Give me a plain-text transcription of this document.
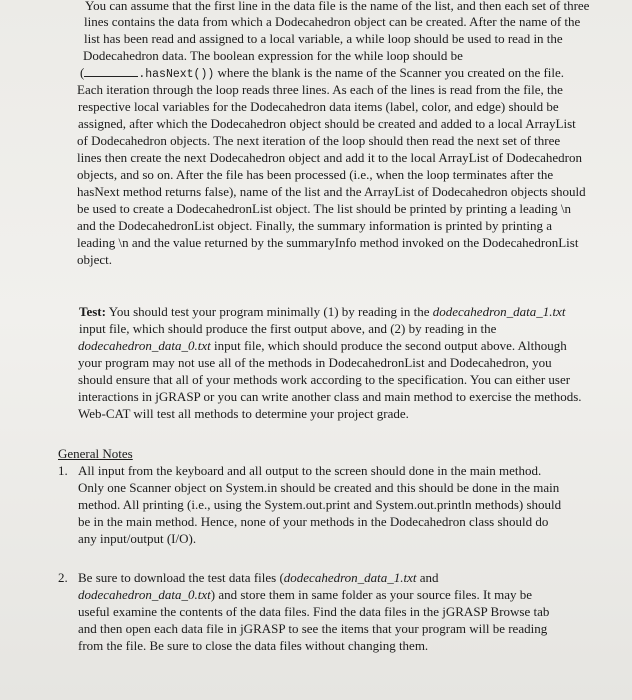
You can assume that the first line in the data file is the name of the list, and then each set of three
lines contains the data from which a Dodecahedron object can be created. After the name of the
list has been read and assigned to a local variable, a while loop should be used to read in the
Dodecahedron data. The boolean expression for the while loop should be
(	.hasNext()) where the blank is the name of the Scanner you created on the file.
Each iteration through the loop reads three lines. As each of the lines is read from the file, the
respective local variables for the Dodecahedron data items (label, color, and edge) should be
assigned, after which the Dodecahedron object should be created and added to a local ArrayList
of Dodecahedron objects. The next iteration of the loop should then read the next set of three
lines then create the next Dodecahedron object and add it to the local ArrayList of Dodecahedron
objects, and so on. After the file has been processed (i.e., when the loop terminates after the
hasNext method returns false), name of the list and the ArrayList of Dodecahedron objects should
be used to create a DodecahedronList object. The list should be printed by printing a leading \n
and the DodecahedronList object. Finally, the summary information is printed by printing a
leading \n and the value returned by the summaryInfo method invoked on the DodecahedronList
object.
Test: You should test your program minimally (1) by reading in the dodecahedron_data_1.txt
input file, which should produce the first output above, and (2) by reading in the
dodecahedron_data_0.txt input file, which should produce the second output above. Although
your program may not use all of the methods in DodecahedronList and Dodecahedron, you
should ensure that all of your methods work according to the specification. You can either user
interactions in jGRASP or you can write another class and main method to exercise the methods.
Web-CAT will test all methods to determine your project grade.
General Notes
1. All input from the keyboard and all output to the screen should done in the main method.
Only one Scanner object on System.in should be created and this should be done in the main
method. All printing (i.e., using the System.out.print and System.out.println methods) should
be in the main method. Hence, none of your methods in the Dodecahedron class should do
any input/output (I/O).
2. Be sure to download the test data files (dodecahedron_data_1.txt and
dodecahedron_data_0.txt) and store them in same folder as your source files. It may be
useful examine the contents of the data files. Find the data files in the jGRASP Browse tab
and then open each data file in jGRASP to see the items that your program will be reading
from the file. Be sure to close the data files without changing them.
